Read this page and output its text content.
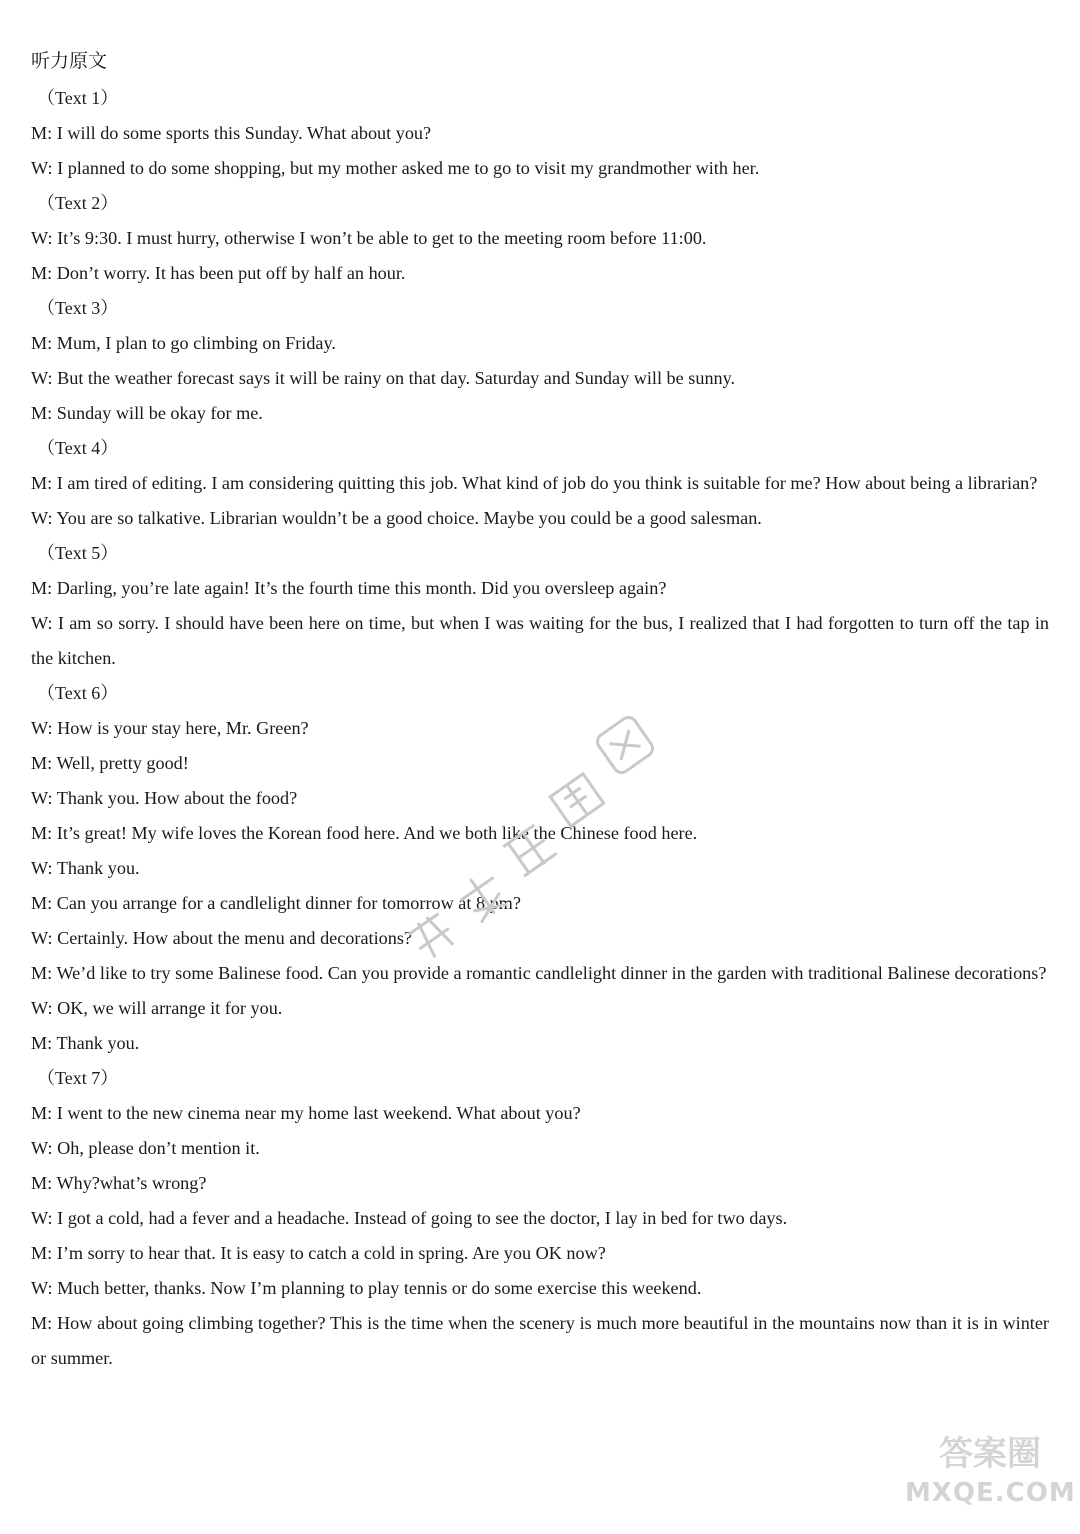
听力原文
（Text 1）
M: I will do some sports this Sunday. What about you?
W: I planned to do some shopping, but my mother asked me to go to visit my grandmother with her.
（Text 2）
W: It’s 9:30. I must hurry, otherwise I won’t be able to get to the meeting room before 11:00.
M: Don’t worry. It has been put off by half an hour.
（Text 3）
M: Mum, I plan to go climbing on Friday.
W: But the weather forecast says it will be rainy on that day. Saturday and Sunday will be sunny.
M: Sunday will be okay for me.
（Text 4）
M: I am tired of editing. I am considering quitting this job. What kind of job do you think is suitable for me? How about being a librarian?
W: You are so talkative. Librarian wouldn’t be a good choice. Maybe you could be a good salesman.
（Text 5）
M: Darling, you’re late again! It’s the fourth time this month. Did you oversleep again?
W: I am so sorry. I should have been here on time, but when I was waiting for the bus, I realized that I had forgotten to turn off the tap in the kitchen.
（Text 6）
W: How is your stay here, Mr. Green?
M: Well, pretty good!
W: Thank you. How about the food?
M: It’s great! My wife loves the Korean food here. And we both like the Chinese food here.
W: Thank you.
M: Can you arrange for a candlelight dinner for tomorrow at 8 pm?
W: Certainly. How about the menu and decorations?
M: We’d like to try some Balinese food. Can you provide a romantic candlelight dinner in the garden with traditional Balinese decorations?
W: OK, we will arrange it for you.
M: Thank you.
（Text 7）
M: I went to the new cinema near my home last weekend. What about you?
W: Oh, please don’t mention it.
M: Why?what’s wrong?
W: I got a cold, had a fever and a headache. Instead of going to see the doctor, I lay in bed for two days.
M: I’m sorry to hear that. It is easy to catch a cold in spring. Are you OK now?
W: Much better, thanks. Now I’m planning to play tennis or do some exercise this weekend.
M: How about going climbing together? This is the time when the scenery is much more beautiful in the mountains now than it is in winter or summer.
答案圈
MXQE.COM
